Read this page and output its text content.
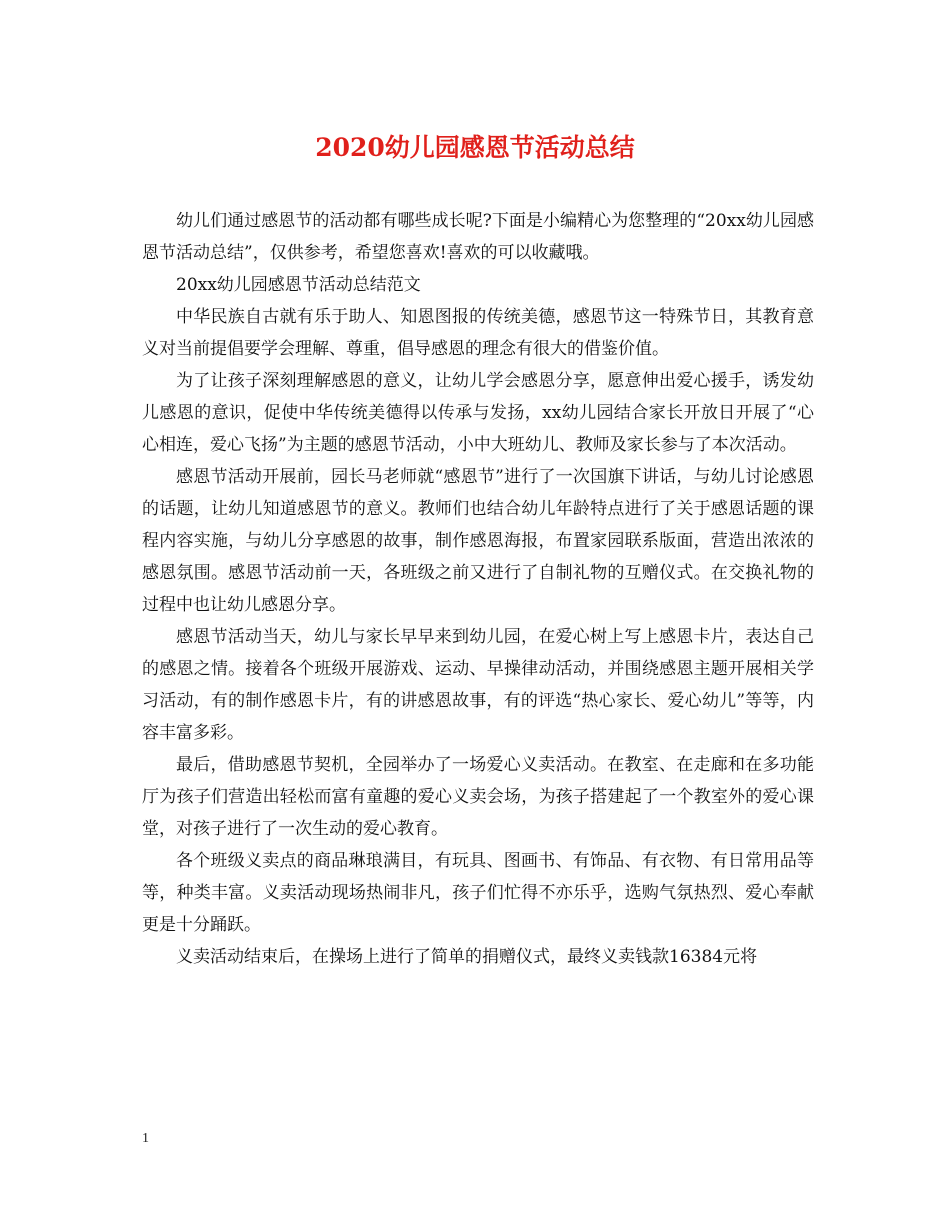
2020幼儿园感恩节活动总结

幼儿们通过感恩节的活动都有哪些成长呢?下面是小编精心为您整理的“20xx幼儿园感恩节活动总结”，仅供参考，希望您喜欢!喜欢的可以收藏哦。

20xx幼儿园感恩节活动总结范文

中华民族自古就有乐于助人、知恩图报的传统美德，感恩节这一特殊节日，其教育意义对当前提倡要学会理解、尊重，倡导感恩的理念有很大的借鉴价值。

为了让孩子深刻理解感恩的意义，让幼儿学会感恩分享，愿意伸出爱心援手，诱发幼儿感恩的意识，促使中华传统美德得以传承与发扬，xx幼儿园结合家长开放日开展了“心心相连，爱心飞扬”为主题的感恩节活动，小中大班幼儿、教师及家长参与了本次活动。

感恩节活动开展前，园长马老师就“感恩节”进行了一次国旗下讲话，与幼儿讨论感恩的话题，让幼儿知道感恩节的意义。教师们也结合幼儿年龄特点进行了关于感恩话题的课程内容实施，与幼儿分享感恩的故事，制作感恩海报，布置家园联系版面，营造出浓浓的感恩氛围。感恩节活动前一天，各班级之前又进行了自制礼物的互赠仪式。在交换礼物的过程中也让幼儿感恩分享。

感恩节活动当天，幼儿与家长早早来到幼儿园，在爱心树上写上感恩卡片，表达自己的感恩之情。接着各个班级开展游戏、运动、早操律动活动，并围绕感恩主题开展相关学习活动，有的制作感恩卡片，有的讲感恩故事，有的评选“热心家长、爱心幼儿”等等，内容丰富多彩。

最后，借助感恩节契机，全园举办了一场爱心义卖活动。在教室、在走廊和在多功能厅为孩子们营造出轻松而富有童趣的爱心义卖会场，为孩子搭建起了一个教室外的爱心课堂，对孩子进行了一次生动的爱心教育。

各个班级义卖点的商品琳琅满目，有玩具、图画书、有饰品、有衣物、有日常用品等等，种类丰富。义卖活动现场热闹非凡，孩子们忙得不亦乐乎，选购气氛热烈、爱心奉献更是十分踊跃。

义卖活动结束后，在操场上进行了简单的捐赠仪式，最终义卖钱款16384元将

1
